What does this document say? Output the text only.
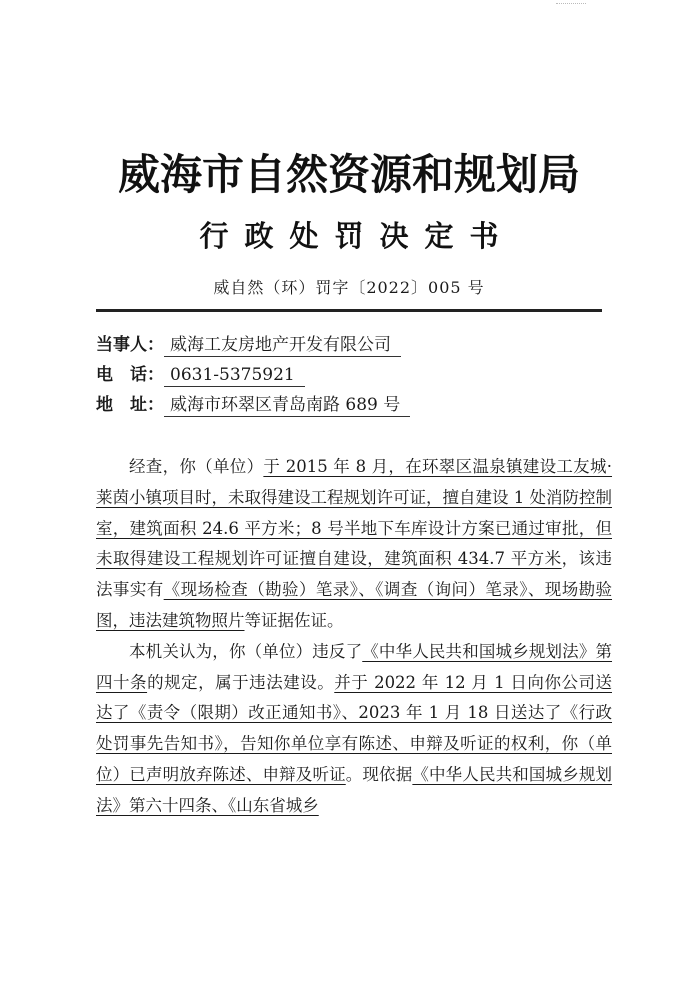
威海市自然资源和规划局
行政处罚决定书
威自然（环）罚字〔2022〕005 号
当事人： 威海工友房地产开发有限公司
电　话： 0631-5375921
地　址： 威海市环翠区青岛南路 689 号

经查，你（单位）于 2015 年 8 月，在环翠区温泉镇建设工友城·莱茵小镇项目时，未取得建设工程规划许可证，擅自建设 1 处消防控制室，建筑面积 24.6 平方米；8 号半地下车库设计方案已通过审批，但未取得建设工程规划许可证擅自建设，建筑面积 434.7 平方米，该违法事实有《现场检查（勘验）笔录》、《调查（询问）笔录》、现场勘验图，违法建筑物照片等证据佐证。

本机关认为，你（单位）违反了《中华人民共和国城乡规划法》第四十条的规定，属于违法建设。并于 2022 年 12 月 1 日向你公司送达了《责令（限期）改正通知书》、2023 年 1 月 18 日送达了《行政处罚事先告知书》，告知你单位享有陈述、申辩及听证的权利，你（单位）已声明放弃陈述、申辩及听证。现依据《中华人民共和国城乡规划法》第六十四条、《山东省城乡
